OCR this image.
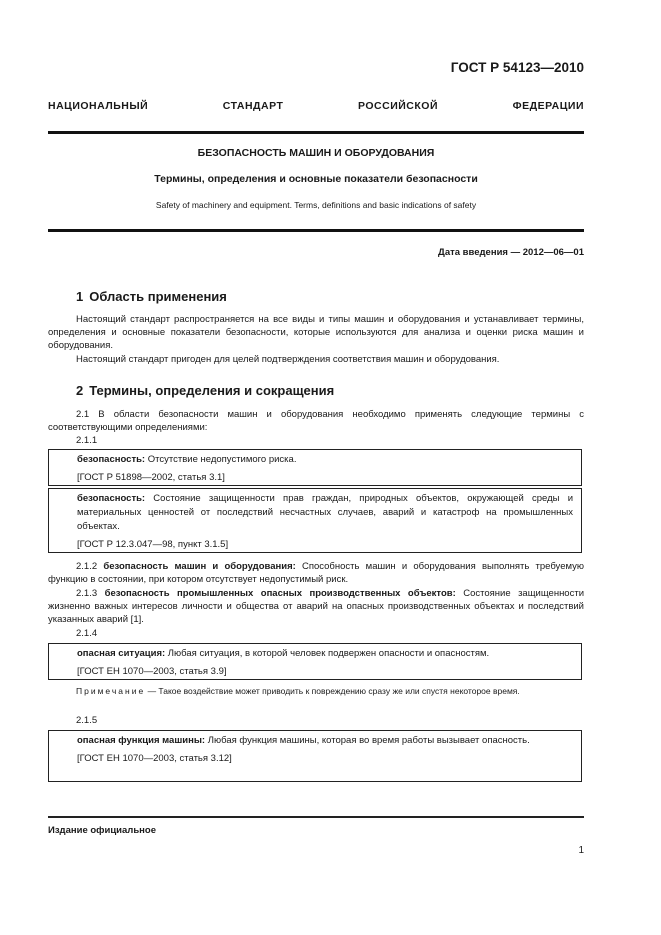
ГОСТ Р 54123—2010
НАЦИОНАЛЬНЫЙ СТАНДАРТ РОССИЙСКОЙ ФЕДЕРАЦИИ
БЕЗОПАСНОСТЬ МАШИН И ОБОРУДОВАНИЯ
Термины, определения и основные показатели безопасности
Safety of machinery and equipment. Terms, definitions and basic indications of safety
Дата введения — 2012—06—01
1 Область применения
Настоящий стандарт распространяется на все виды и типы машин и оборудования и устанавливает термины, определения и основные показатели безопасности, которые используются для анализа и оценки риска машин и оборудования.
Настоящий стандарт пригоден для целей подтверждения соответствия машин и оборудования.
2 Термины, определения и сокращения
2.1 В области безопасности машин и оборудования необходимо применять следующие термины с соответствующими определениями:
2.1.1
безопасность: Отсутствие недопустимого риска.
[ГОСТ Р 51898—2002, статья 3.1]
безопасность: Состояние защищенности прав граждан, природных объектов, окружающей среды и материальных ценностей от последствий несчастных случаев, аварий и катастроф на промышленных объектах.
[ГОСТ Р 12.3.047—98, пункт 3.1.5]
2.1.2 безопасность машин и оборудования: Способность машин и оборудования выполнять требуемую функцию в состоянии, при котором отсутствует недопустимый риск.
2.1.3 безопасность промышленных опасных производственных объектов: Состояние защищенности жизненно важных интересов личности и общества от аварий на опасных производственных объектах и последствий указанных аварий [1].
2.1.4
опасная ситуация: Любая ситуация, в которой человек подвержен опасности и опасностям.
[ГОСТ ЕН 1070—2003, статья 3.9]
Примечание — Такое воздействие может приводить к повреждению сразу же или спустя некоторое время.
2.1.5
опасная функция машины: Любая функция машины, которая во время работы вызывает опасность.
[ГОСТ ЕН 1070—2003, статья 3.12]
Издание официальное
1
